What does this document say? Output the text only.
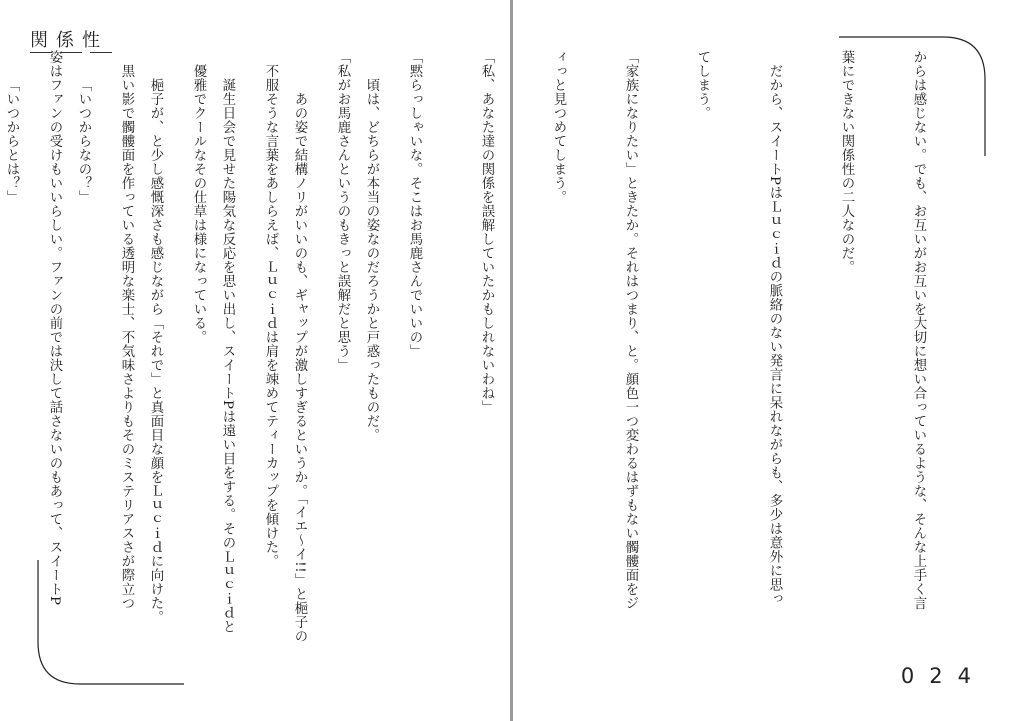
関係性

頃は、どちらが本当の姿なのだろうかと戸惑ったものだ。

　あの姿で結構ノリがいいのも、ギャップが激しすぎるというか。「イエ～イ!!」と梔子の

誕生日会で見せた陽気な反応を思い出し、スイートPは遠い目をする。そのＬｕｃｉｄと

梔子が、と少し感慨深さも感じながら「それで」と真面目な顔をＬｕｃｉｄに向けた。

「いつからなの？」

「いつからとは？」

	からは感じない。でも、お互いがお互いを大切に想い合っているような、そんな上手く言

葉にできない関係性の二人なのだ。

　だから、スイートPはＬｕｃｉｄの脈絡のない発言に呆れながらも、多少は意外に思っ

てしまう。

「家族になりたい」ときたか。それはつまり、と。顔色一つ変わるはずもない髑髏面をジ

ィっと見つめてしまう。

「私、あなた達の関係を誤解していたかもしれないわね」

「黙らっしゃいな。そこはお馬鹿さんでいいの」

「私がお馬鹿さんというのもきっと誤解だと思う」

　不服そうな言葉をあしらえば、Ｌｕｃｉｄは肩を竦めてティーカップを傾けた。

　優雅でクールなその仕草は様になっている。

　黒い影で髑髏面を作っている透明な楽士、不気味さよりもそのミステリアスさが際立つ

姿はファンの受けもいいらしい。ファンの前では決して話さないのもあって、スイートP

024
